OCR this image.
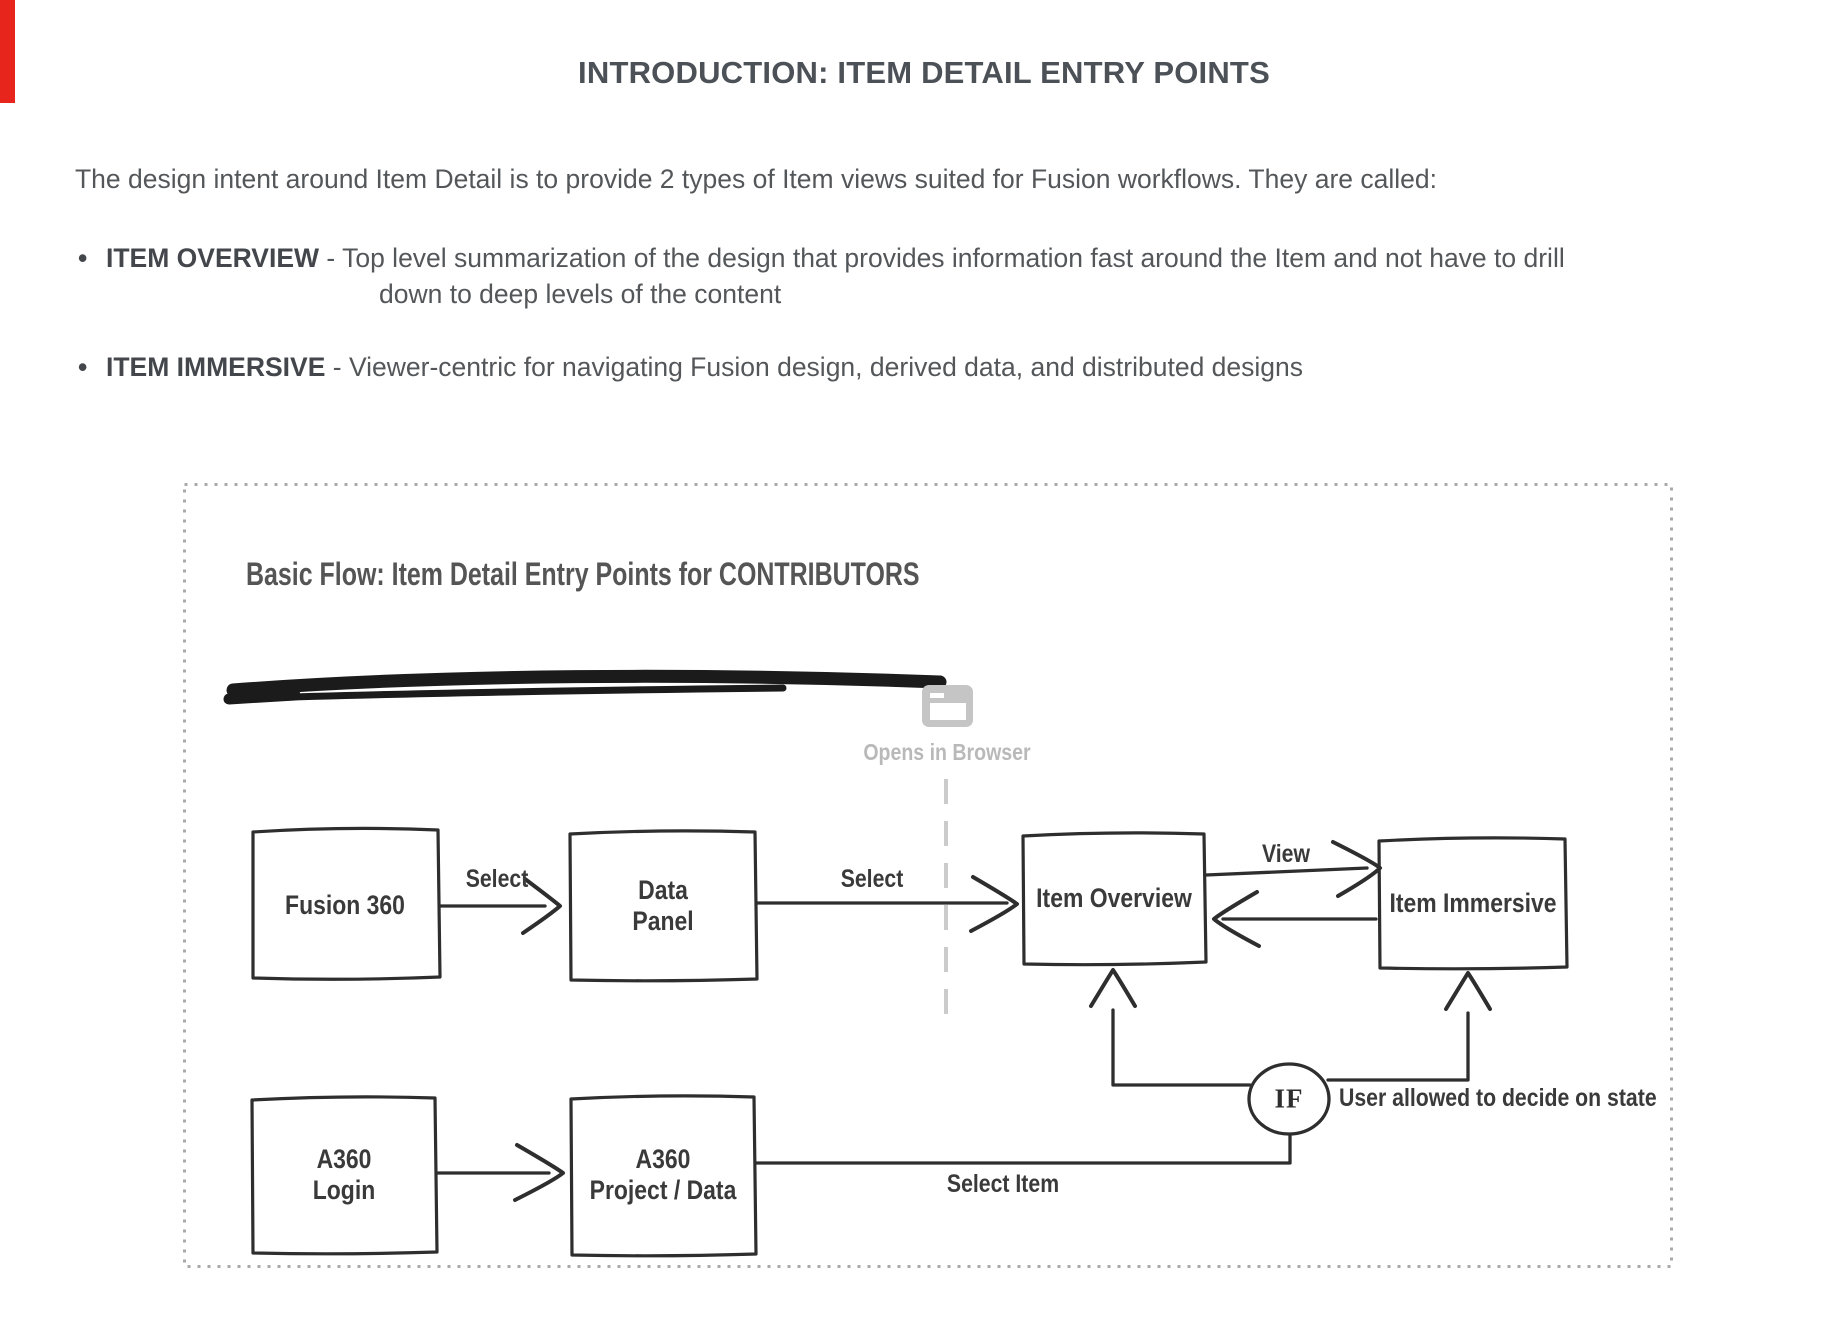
INTRODUCTION: ITEM DETAIL ENTRY POINTS

The design intent around Item Detail is to provide 2 types of Item views suited for Fusion workflows. They are called:

• ITEM OVERVIEW - Top level summarization of the design that provides information fast around the Item and not have to drill
down to deep levels of the content
• ITEM IMMERSIVE - Viewer-centric for navigating Fusion design, derived data, and distributed designs
Basic Flow: Item Detail Entry Points for CONTRIBUTORS
Opens in Browser
Fusion 360	Data
Panel
Item Overview	Item Immersive
A360
Login
A360
Project / Data
Select	Select
View
Select Item
IF User allowed to decide on state
